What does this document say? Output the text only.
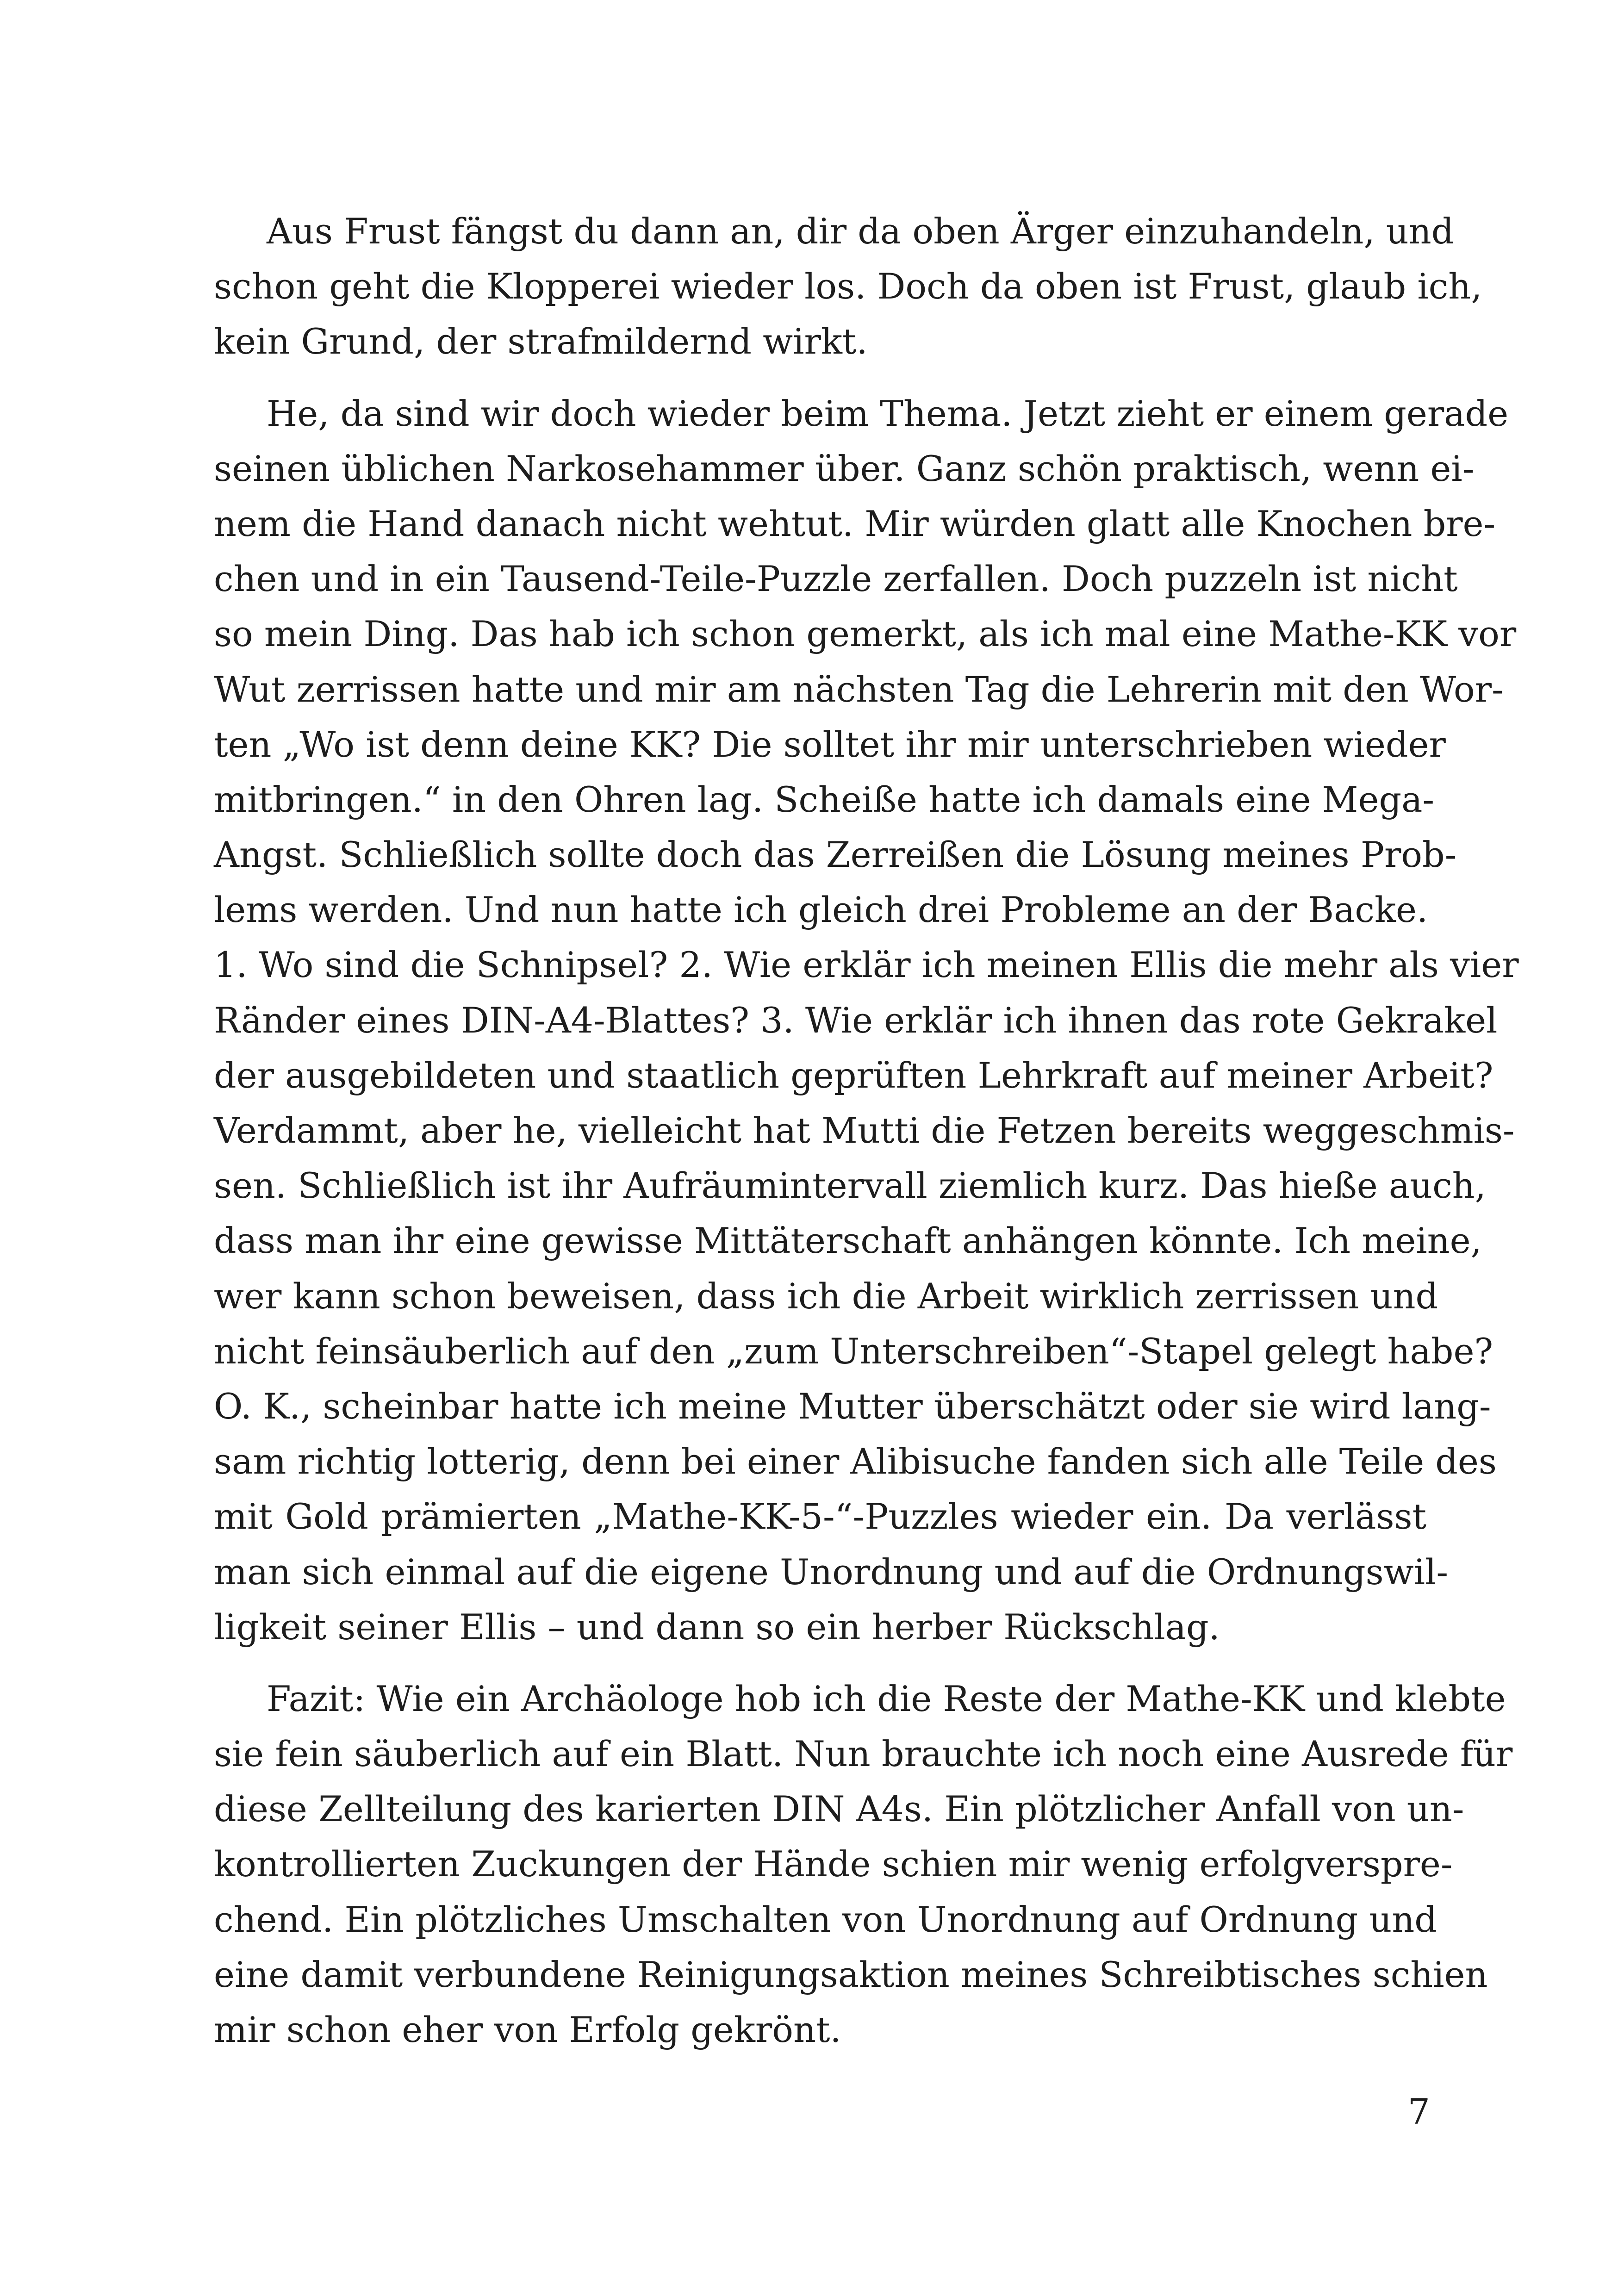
Aus Frust fängst du dann an, dir da oben Ärger einzuhandeln, und
schon geht die Klopperei wieder los. Doch da oben ist Frust, glaub ich,
kein Grund, der strafmildernd wirkt.
He, da sind wir doch wieder beim Thema. Jetzt zieht er einem gerade
seinen üblichen Narkosehammer über. Ganz schön praktisch, wenn ei-
nem die Hand danach nicht wehtut. Mir würden glatt alle Knochen bre-
chen und in ein Tausend-Teile-Puzzle zerfallen. Doch puzzeln ist nicht
so mein Ding. Das hab ich schon gemerkt, als ich mal eine Mathe-KK vor
Wut zerrissen hatte und mir am nächsten Tag die Lehrerin mit den Wor-
ten „Wo ist denn deine KK? Die solltet ihr mir unterschrieben wieder
mitbringen.“ in den Ohren lag. Scheiße hatte ich damals eine Mega-
Angst. Schließlich sollte doch das Zerreißen die Lösung meines Prob-
lems werden. Und nun hatte ich gleich drei Probleme an der Backe.
1. Wo sind die Schnipsel? 2. Wie erklär ich meinen Ellis die mehr als vier
Ränder eines DIN-A4-Blattes? 3. Wie erklär ich ihnen das rote Gekrakel
der ausgebildeten und staatlich geprüften Lehrkraft auf meiner Arbeit?
Verdammt, aber he, vielleicht hat Mutti die Fetzen bereits weggeschmis-
sen. Schließlich ist ihr Aufräumintervall ziemlich kurz. Das hieße auch,
dass man ihr eine gewisse Mittäterschaft anhängen könnte. Ich meine,
wer kann schon beweisen, dass ich die Arbeit wirklich zerrissen und
nicht feinsäuberlich auf den „zum Unterschreiben“-Stapel gelegt habe?
O. K., scheinbar hatte ich meine Mutter überschätzt oder sie wird lang-
sam richtig lotterig, denn bei einer Alibisuche fanden sich alle Teile des
mit Gold prämierten „Mathe-KK-5-“-Puzzles wieder ein. Da verlässt
man sich einmal auf die eigene Unordnung und auf die Ordnungswil-
ligkeit seiner Ellis – und dann so ein herber Rückschlag.
Fazit: Wie ein Archäologe hob ich die Reste der Mathe-KK und klebte
sie fein säuberlich auf ein Blatt. Nun brauchte ich noch eine Ausrede für
diese Zellteilung des karierten DIN A4s. Ein plötzlicher Anfall von un-
kontrollierten Zuckungen der Hände schien mir wenig erfolgverspre-
chend. Ein plötzliches Umschalten von Unordnung auf Ordnung und
eine damit verbundene Reinigungsaktion meines Schreibtisches schien
mir schon eher von Erfolg gekrönt.
7
